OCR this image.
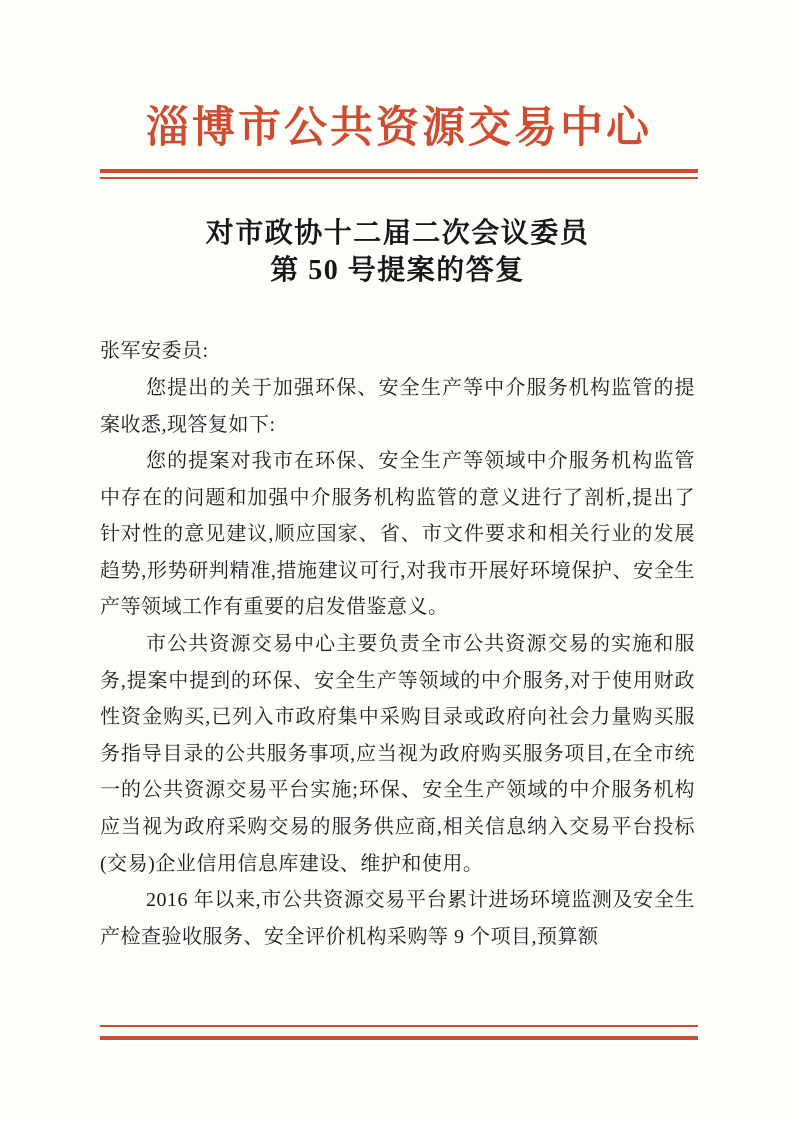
淄博市公共资源交易中心
对市政协十二届二次会议委员
第 50 号提案的答复

张军安委员:

您提出的关于加强环保、安全生产等中介服务机构监管的提案收悉,现答复如下:

您的提案对我市在环保、安全生产等领域中介服务机构监管中存在的问题和加强中介服务机构监管的意义进行了剖析,提出了针对性的意见建议,顺应国家、省、市文件要求和相关行业的发展趋势,形势研判精准,措施建议可行,对我市开展好环境保护、安全生产等领域工作有重要的启发借鉴意义。

市公共资源交易中心主要负责全市公共资源交易的实施和服务,提案中提到的环保、安全生产等领域的中介服务,对于使用财政性资金购买,已列入市政府集中采购目录或政府向社会力量购买服务指导目录的公共服务事项,应当视为政府购买服务项目,在全市统一的公共资源交易平台实施;环保、安全生产领域的中介服务机构应当视为政府采购交易的服务供应商,相关信息纳入交易平台投标(交易)企业信用信息库建设、维护和使用。

2016 年以来,市公共资源交易平台累计进场环境监测及安全生产检查验收服务、安全评价机构采购等 9 个项目,预算额
